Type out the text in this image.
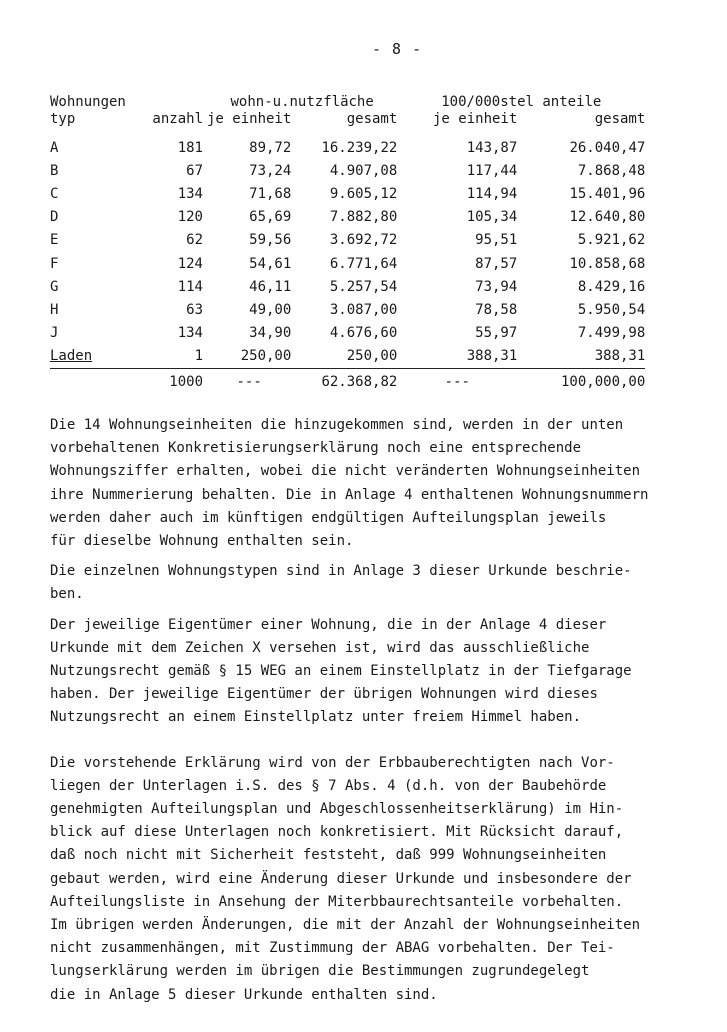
- 8 -
Wohnungen		wohn-u.nutzfläche		100/000stel anteile	
typ	anzahl	je einheit	gesamt	je einheit	gesamt

A	181	89,72	16.239,22	143,87	26.040,47
B	67	73,24	4.907,08	117,44	7.868,48
C	134	71,68	9.605,12	114,94	15.401,96
D	120	65,69	7.882,80	105,34	12.640,80
E	62	59,56	3.692,72	95,51	5.921,62
F	124	54,61	6.771,64	87,57	10.858,68
G	114	46,11	5.257,54	73,94	8.429,16
H	63	49,00	3.087,00	78,58	5.950,54
J	134	34,90	4.676,60	55,97	7.499,98
Laden	1	250,00	250,00	388,31	388,31
	1000	---	62.368,82	---	100,000,00

Die 14 Wohnungseinheiten die hinzugekommen sind, werden in der unten
vorbehaltenen Konkretisierungserklärung noch eine entsprechende
Wohnungsziffer erhalten, wobei die nicht veränderten Wohnungseinheiten
ihre Nummerierung behalten. Die in Anlage 4 enthaltenen Wohnungsnummern
werden daher auch im künftigen endgültigen Aufteilungsplan jeweils
für dieselbe Wohnung enthalten sein.

Die einzelnen Wohnungstypen sind in Anlage 3 dieser Urkunde beschrie-
ben.

Der jeweilige Eigentümer einer Wohnung, die in der Anlage 4 dieser
Urkunde mit dem Zeichen X versehen ist, wird das ausschließliche
Nutzungsrecht gemäß § 15 WEG an einem Einstellplatz in der Tiefgarage
haben. Der jeweilige Eigentümer der übrigen Wohnungen wird dieses
Nutzungsrecht an einem Einstellplatz unter freiem Himmel haben.

Die vorstehende Erklärung wird von der Erbbauberechtigten nach Vor-
liegen der Unterlagen i.S. des § 7 Abs. 4 (d.h. von der Baubehörde
genehmigten Aufteilungsplan und Abgeschlossenheitserklärung) im Hin-
blick auf diese Unterlagen noch konkretisiert. Mit Rücksicht darauf,
daß noch nicht mit Sicherheit feststeht, daß 999 Wohnungseinheiten
gebaut werden, wird eine Änderung dieser Urkunde und insbesondere der
Aufteilungsliste in Ansehung der Miterbbaurechtsanteile vorbehalten.
Im übrigen werden Änderungen, die mit der Anzahl der Wohnungseinheiten
nicht zusammenhängen, mit Zustimmung der ABAG vorbehalten. Der Tei-
lungserklärung werden im übrigen die Bestimmungen zugrundegelegt
die in Anlage 5 dieser Urkunde enthalten sind.
